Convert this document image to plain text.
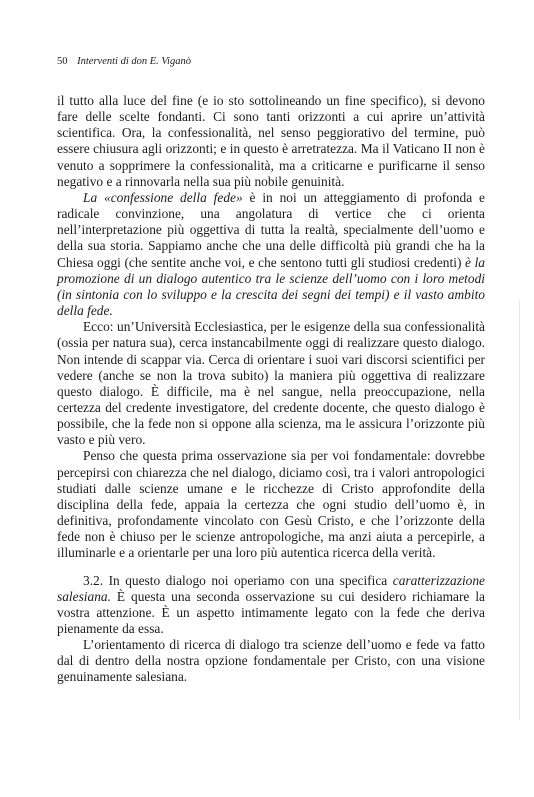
50 Interventi di don E. Viganò

il tutto alla luce del fine (e io sto sottolineando un fine specifico), si devono fare delle scelte fondanti. Ci sono tanti orizzonti a cui aprire un’attività scientifica. Ora, la confessionalità, nel senso peggiorativo del termine, può essere chiusura agli orizzonti; e in questo è arretratezza. Ma il Vaticano II non è venuto a sopprimere la confessionalità, ma a criticarne e purificarne il senso negativo e a rinnovarla nella sua più nobile genuinità.

La «confessione della fede» è in noi un atteggiamento di profonda e radicale convinzione, una angolatura di vertice che ci orienta nell’interpretazione più oggettiva di tutta la realtà, specialmente dell’uomo e della sua storia. Sappiamo anche che una delle difficoltà più grandi che ha la Chiesa oggi (che sentite anche voi, e che sentono tutti gli studiosi credenti) è la promozione di un dialogo autentico tra le scienze dell’uomo con i loro metodi (in sintonia con lo sviluppo e la crescita dei segni dei tempi) e il vasto ambito della fede.

Ecco: un’Università Ecclesiastica, per le esigenze della sua confessionalità (ossia per natura sua), cerca instancabilmente oggi di realizzare questo dialogo. Non intende di scappar via. Cerca di orientare i suoi vari discorsi scientifici per vedere (anche se non la trova subito) la maniera più oggettiva di realizzare questo dialogo. È difficile, ma è nel sangue, nella preoccupazione, nella certezza del credente investigatore, del credente docente, che questo dialogo è possibile, che la fede non si oppone alla scienza, ma le assicura l’orizzonte più vasto e più vero.

Penso che questa prima osservazione sia per voi fondamentale: dovrebbe percepirsi con chiarezza che nel dialogo, diciamo così, tra i valori antropologici studiati dalle scienze umane e le ricchezze di Cristo approfondite della disciplina della fede, appaia la certezza che ogni studio dell’uomo è, in definitiva, profondamente vincolato con Gesù Cristo, e che l’orizzonte della fede non è chiuso per le scienze antropologiche, ma anzi aiuta a percepirle, a illuminarle e a orientarle per una loro più autentica ricerca della verità.

3.2. In questo dialogo noi operiamo con una specifica caratterizzazione salesiana. È questa una seconda osservazione su cui desidero richiamare la vostra attenzione. È un aspetto intimamente legato con la fede che deriva pienamente da essa.

L’orientamento di ricerca di dialogo tra scienze dell’uomo e fede va fatto dal di dentro della nostra opzione fondamentale per Cristo, con una visione genuinamente salesiana.
